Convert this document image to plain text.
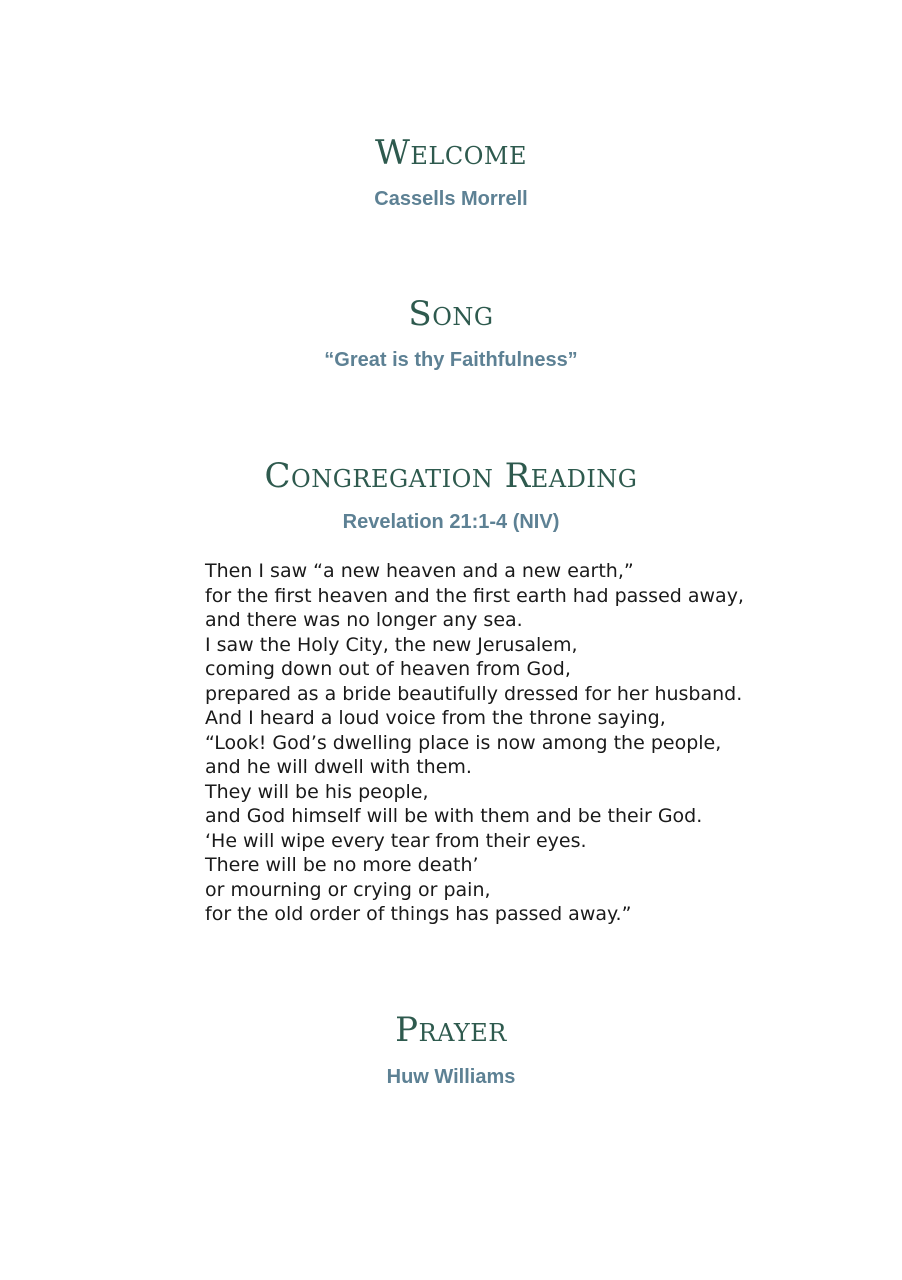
Welcome

Cassells Morrell

Song

“Great is thy Faithfulness”

Congregation Reading

Revelation 21:1-4 (NIV)

Then I saw “a new heaven and a new earth,”
for the first heaven and the first earth had passed away,
and there was no longer any sea.
I saw the Holy City, the new Jerusalem,
coming down out of heaven from God,
prepared as a bride beautifully dressed for her husband.
And I heard a loud voice from the throne saying,
“Look! God’s dwelling place is now among the people,
and he will dwell with them.
They will be his people,
and God himself will be with them and be their God.
‘He will wipe every tear from their eyes.
There will be no more death’
or mourning or crying or pain,
for the old order of things has passed away.”
Prayer

Huw Williams
